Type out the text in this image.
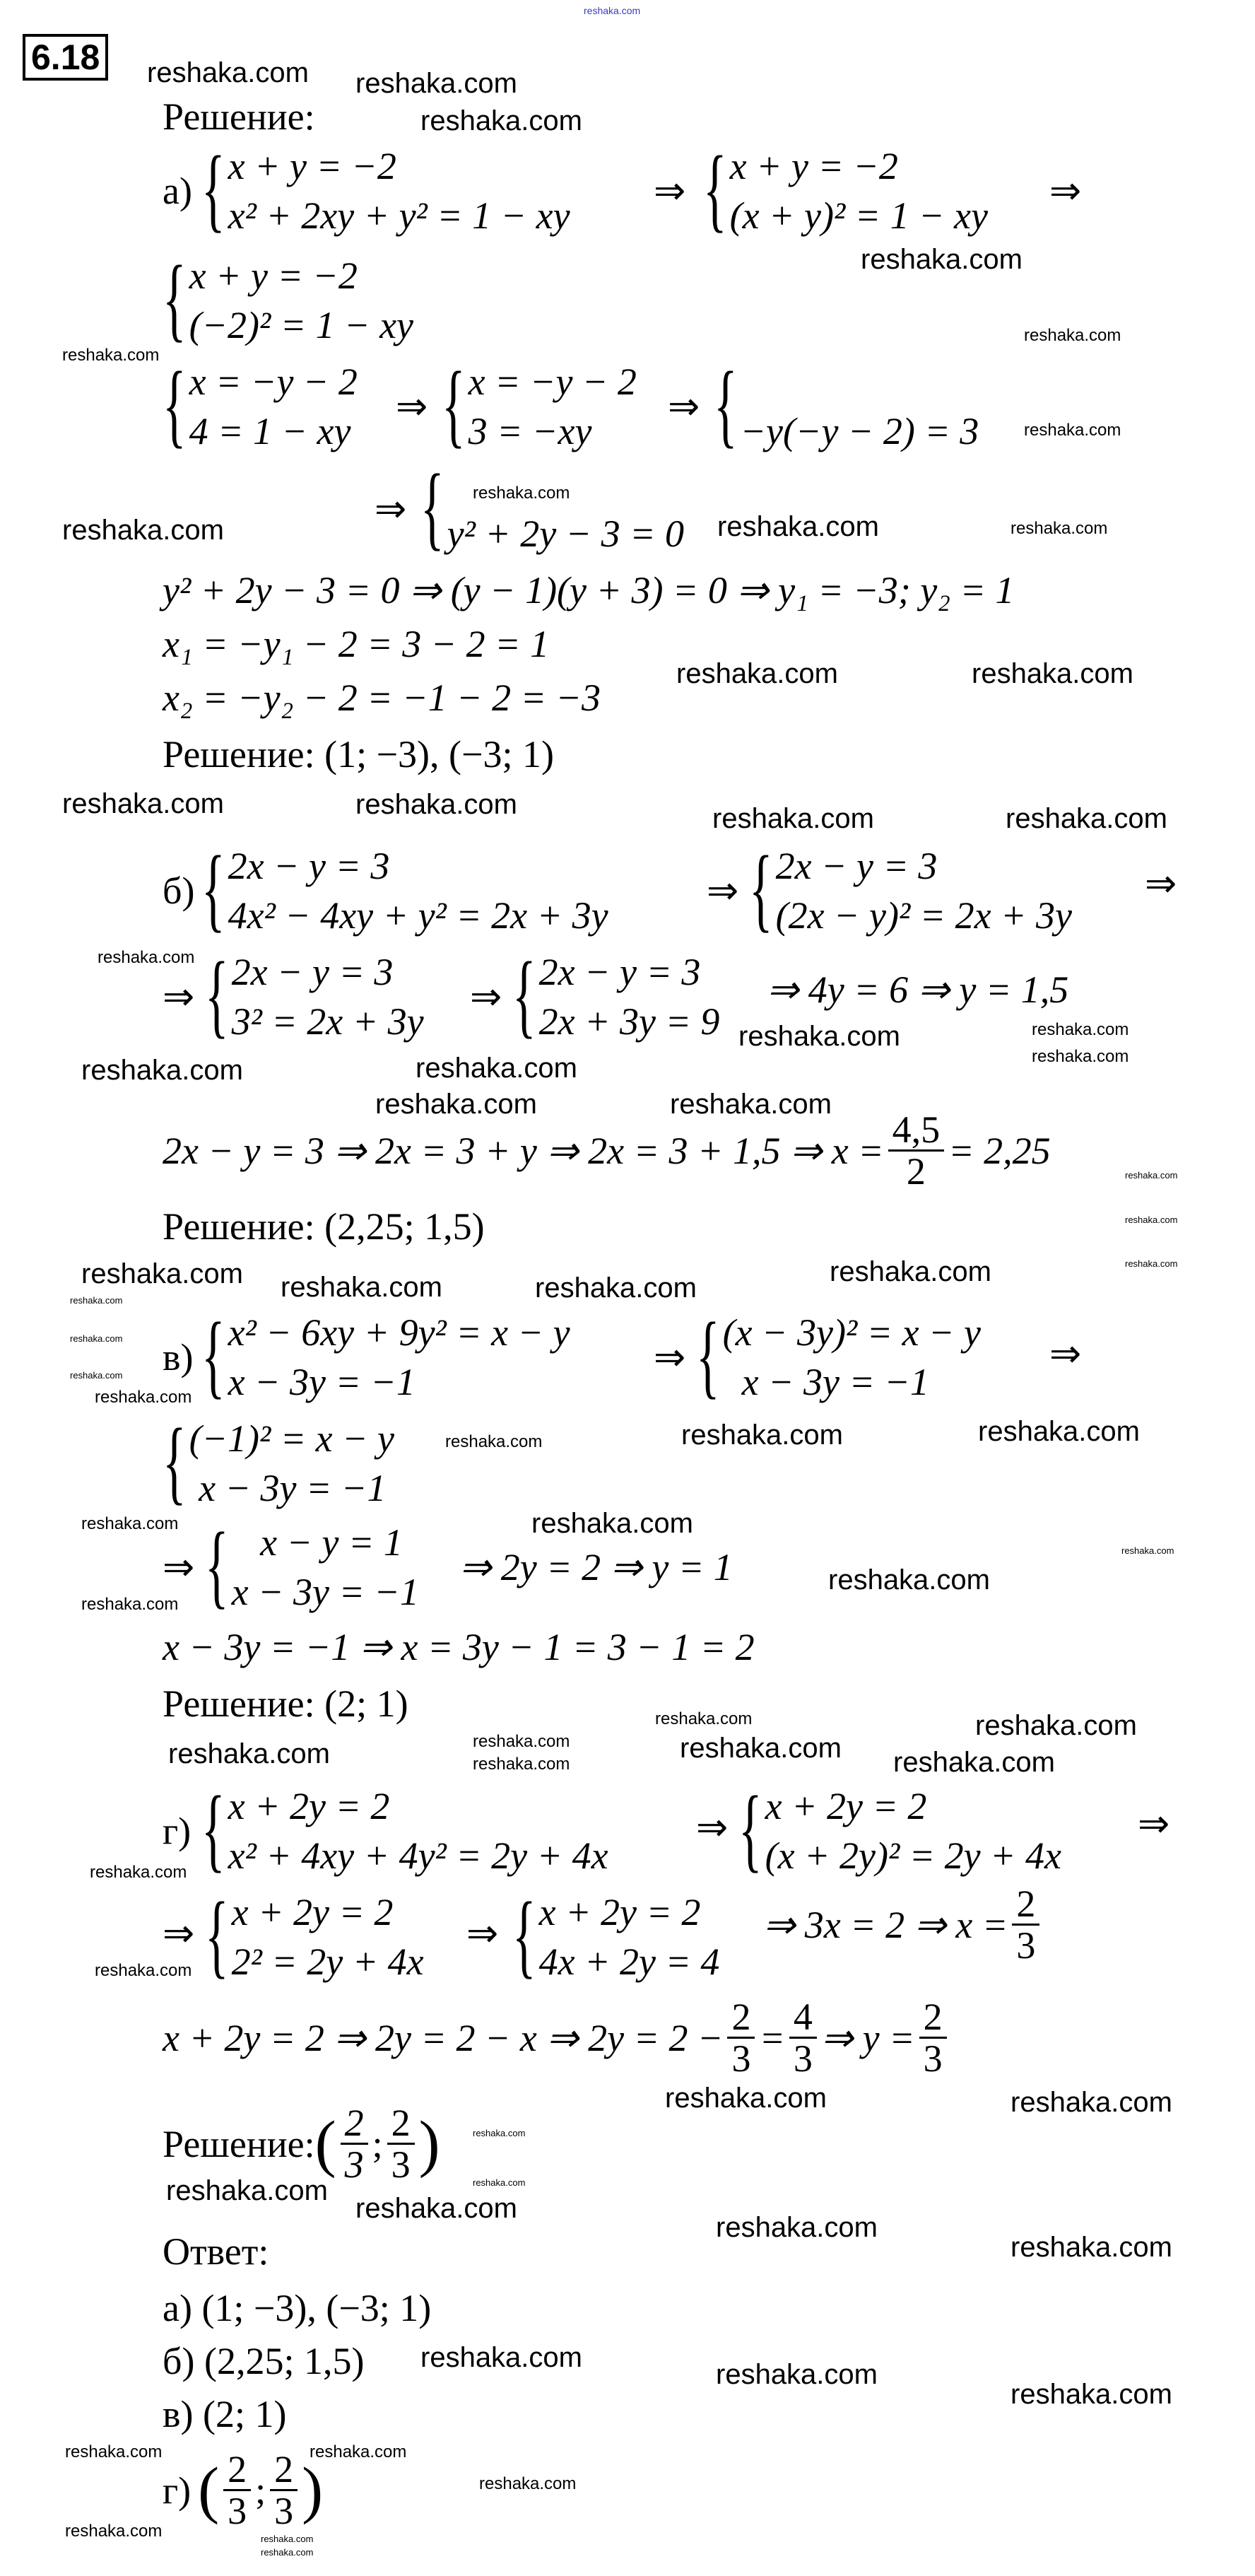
6.18
Решение:
а) { x + y = −2
x² + 2xy + y² = 1 − xy
⇒ { x + y = −2
(x + y)² = 1 − xy
⇒
{ x + y = −2
(−2)² = 1 − xy
{ x = −y − 2
4 = 1 − xy
⇒ { x = −y − 2
3 = −xy
⇒ { −y(−y − 2) = 3
⇒ { y² + 2y − 3 = 0
y² + 2y − 3 = 0 ⇒ (y − 1)(y + 3) = 0 ⇒ y₁ = −3; y₂ = 1
x₁ = −y₁ − 2 = 3 − 2 = 1
x₂ = −y₂ − 2 = −1 − 2 = −3
Решение: (1; −3), (−3; 1)
б) { 2x − y = 3
4x² − 4xy + y² = 2x + 3y
⇒ { 2x − y = 3
(2x − y)² = 2x + 3y
⇒
⇒ { 2x − y = 3
3² = 2x + 3y
⇒ { 2x − y = 3
2x + 3y = 9
⇒ 4y = 6 ⇒ y = 1,5
2x − y = 3 ⇒ 2x = 3 + y ⇒ 2x = 3 + 1,5 ⇒ $x = \frac{4,5}{2} = 2,25$
Решение: (2,25; 1,5)
в) { x² − 6xy + 9y² = x − y
x − 3y = −1
⇒ { (x − 3y)² = x − y
x − 3y = −1
⇒
{ (−1)² = x − y
x − 3y = −1
⇒ { x − y = 1
x − 3y = −1
⇒ 2y = 2 ⇒ y = 1
x − 3y = −1 ⇒ x = 3y − 1 = 3 − 1 = 2
Решение: (2; 1)
г) { x + 2y = 2
x² + 4xy + 4y² = 2y + 4x
⇒ { x + 2y = 2
(x + 2y)² = 2y + 4x
⇒
⇒ { x + 2y = 2
2² = 2y + 4x
⇒ { x + 2y = 2
4x + 2y = 4
⇒ 3x = 2 ⇒ $x = \frac{2}{3}$
x + 2y = 2 ⇒ 2y = 2 − x ⇒ $2y = 2 - \frac{2}{3} = \frac{4}{3}$ ⇒ $y = \frac{2}{3}$
Решение: ( $\frac{2}{3}$ ; $\frac{2}{3}$ )
Ответ:
а) (1; −3), (−3; 1)
б) (2,25; 1,5)
в) (2; 1)
г) ( $\frac{2}{3}$ ; $\frac{2}{3}$ )
reshaka.com
reshaka.com
reshaka.com
reshaka.com
reshaka.com
reshaka.com	reshaka.com
reshaka.com
reshaka.com
reshaka.com	reshaka.com
reshaka.com	reshaka.com
reshaka.com	reshaka.com
reshaka.com
reshaka.com
reshaka.com	reshaka.com
reshaka.com
reshaka.com
reshaka.com
reshaka.com	reshaka.com
reshaka.com
reshaka.com
reshaka.com	reshaka.com
reshaka.com
reshaka.com
reshaka.com
reshaka.com	reshaka.com
reshaka.com
reshaka.com
reshaka.com
reshaka.com
reshaka.com
reshaka.com
reshaka.com
reshaka.com
reshaka.com
reshaka.com
reshaka.com
reshaka.com
reshaka.com
reshaka.com
reshaka.com
reshaka.com
reshaka.com
reshaka.com
reshaka.com
reshaka.com
reshaka.com
reshaka.com
reshaka.com
reshaka.com
reshaka.com
reshaka.com
reshaka.com
reshaka.com
reshaka.com
reshaka.com
reshaka.com
reshaka.com
reshaka.com
reshaka.com
reshaka.com
reshaka.com
reshaka.com
reshaka.com
